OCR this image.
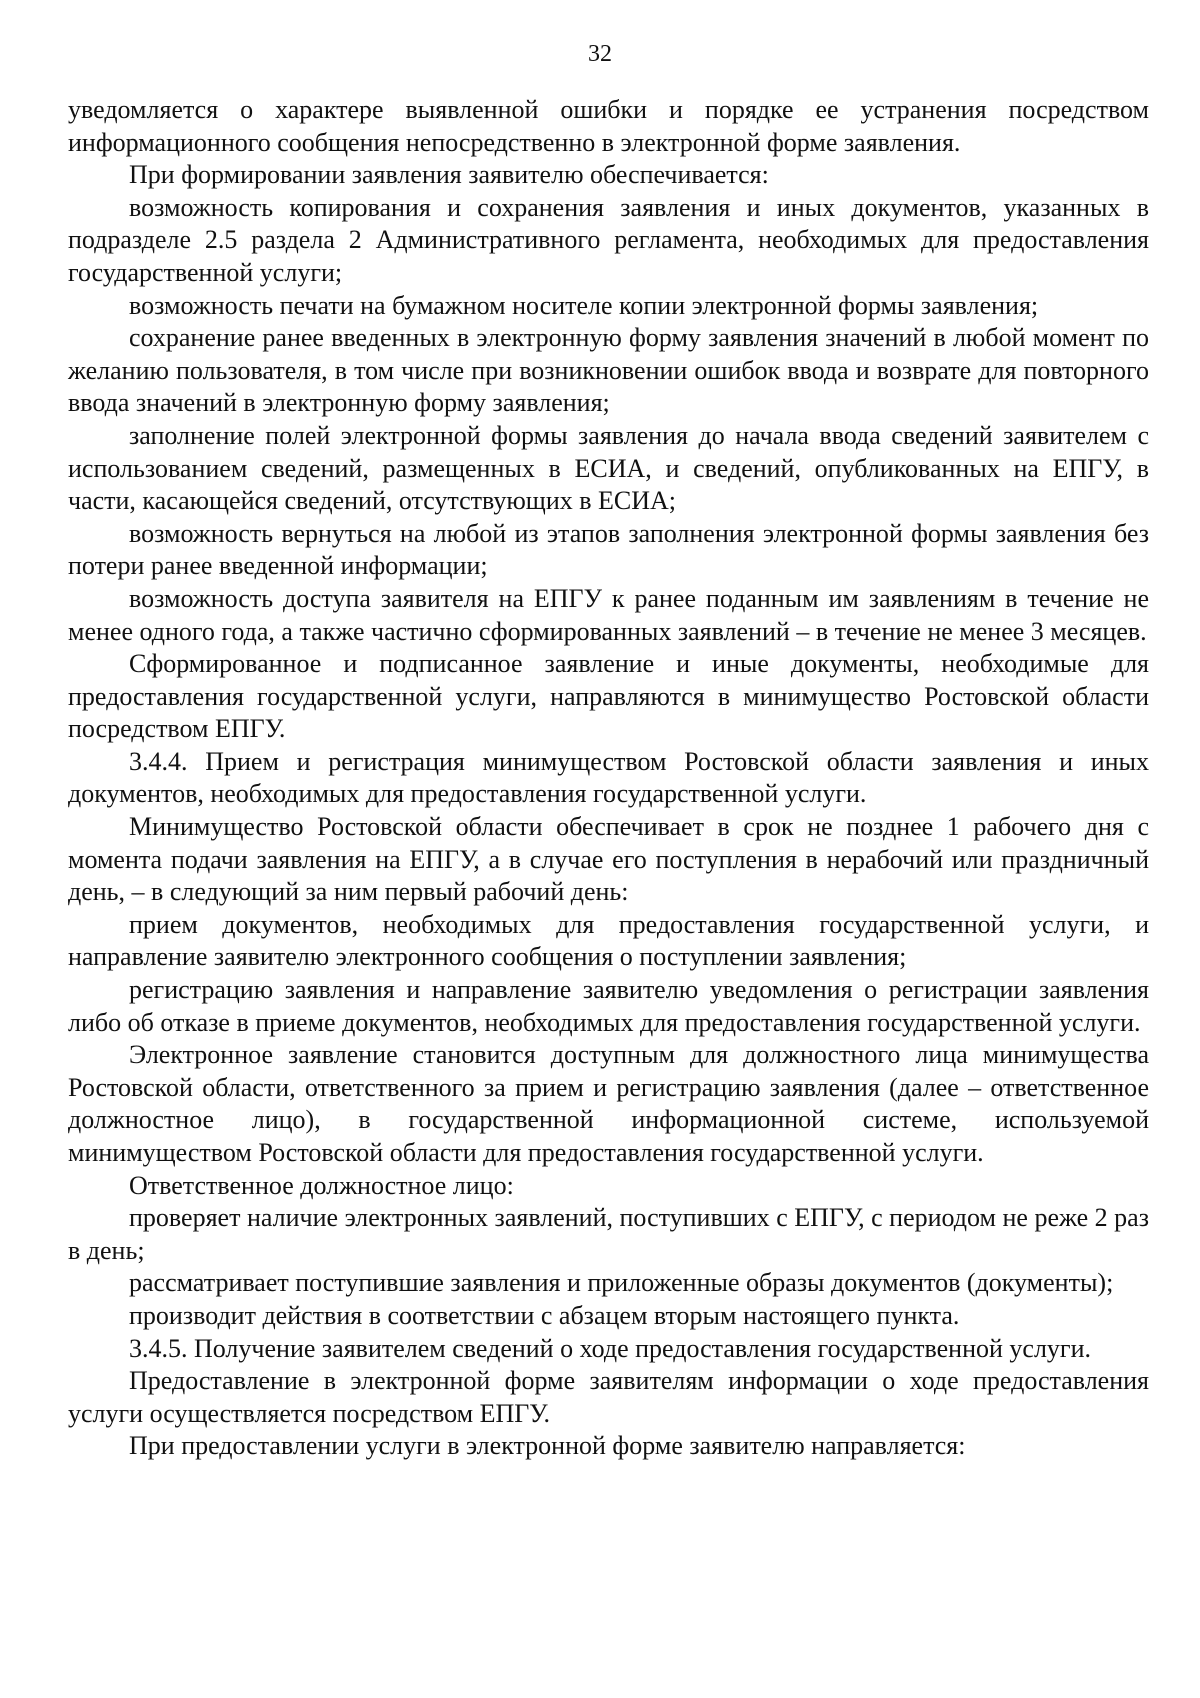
32

уведомляется о характере выявленной ошибки и порядке ее устранения посредством информационного сообщения непосредственно в электронной форме заявления.

При формировании заявления заявителю обеспечивается:

возможность копирования и сохранения заявления и иных документов, указанных в подразделе 2.5 раздела 2 Административного регламента, необходимых для предоставления государственной услуги;

возможность печати на бумажном носителе копии электронной формы заявления;

сохранение ранее введенных в электронную форму заявления значений в любой момент по желанию пользователя, в том числе при возникновении ошибок ввода и возврате для повторного ввода значений в электронную форму заявления;

заполнение полей электронной формы заявления до начала ввода сведений заявителем с использованием сведений, размещенных в ЕСИА, и сведений, опубликованных на ЕПГУ, в части, касающейся сведений, отсутствующих в ЕСИА;

возможность вернуться на любой из этапов заполнения электронной формы заявления без потери ранее введенной информации;

возможность доступа заявителя на ЕПГУ к ранее поданным им заявлениям в течение не менее одного года, а также частично сформированных заявлений – в течение не менее 3 месяцев.

Сформированное и подписанное заявление и иные документы, необходимые для предоставления государственной услуги, направляются в минимущество Ростовской области посредством ЕПГУ.

3.4.4. Прием и регистрация минимуществом Ростовской области заявления и иных документов, необходимых для предоставления государственной услуги.

Минимущество Ростовской области обеспечивает в срок не позднее 1 рабочего дня с момента подачи заявления на ЕПГУ, а в случае его поступления в нерабочий или праздничный день, – в следующий за ним первый рабочий день:

прием документов, необходимых для предоставления государственной услуги, и направление заявителю электронного сообщения о поступлении заявления;

регистрацию заявления и направление заявителю уведомления о регистрации заявления либо об отказе в приеме документов, необходимых для предоставления государственной услуги.

Электронное заявление становится доступным для должностного лица минимущества Ростовской области, ответственного за прием и регистрацию заявления (далее – ответственное должностное лицо), в государственной информационной системе, используемой минимуществом Ростовской области для предоставления государственной услуги.

Ответственное должностное лицо:

проверяет наличие электронных заявлений, поступивших с ЕПГУ, с периодом не реже 2 раз в день;

рассматривает поступившие заявления и приложенные образы документов (документы);

производит действия в соответствии с абзацем вторым настоящего пункта.

3.4.5. Получение заявителем сведений о ходе предоставления государственной услуги.

Предоставление в электронной форме заявителям информации о ходе предоставления услуги осуществляется посредством ЕПГУ.

При предоставлении услуги в электронной форме заявителю направляется:
